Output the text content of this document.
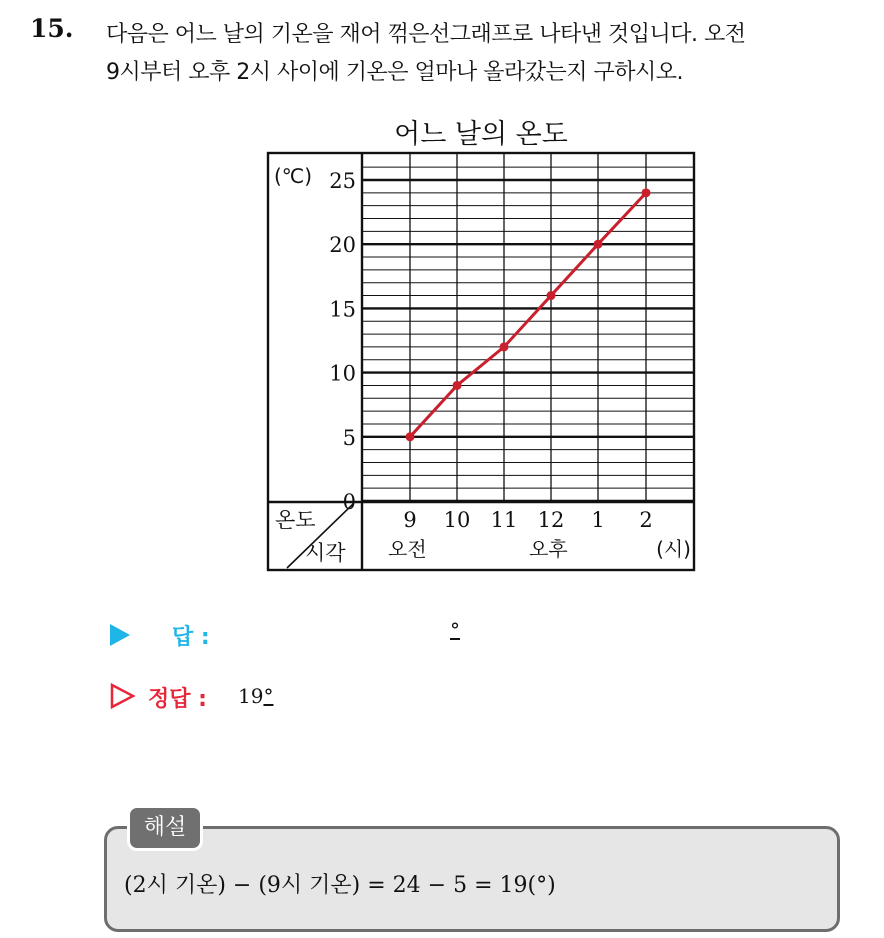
15. 다음은 어느 날의 기온을 재어 꺾은선그래프로 나타낸 것입니다. 오전
9시부터 오후 2시 사이에 기온은 얼마나 올라갔는지 구하시오.
어느 날의 온도
(℃)
0
5
10
15
20
25
9 10 11 12 1 2
오전	오후	(시)
온도
시각
답 :	°
정답 : 19°
해설
(2시 기온) − (9시 기온) = 24 − 5 = 19(°)
